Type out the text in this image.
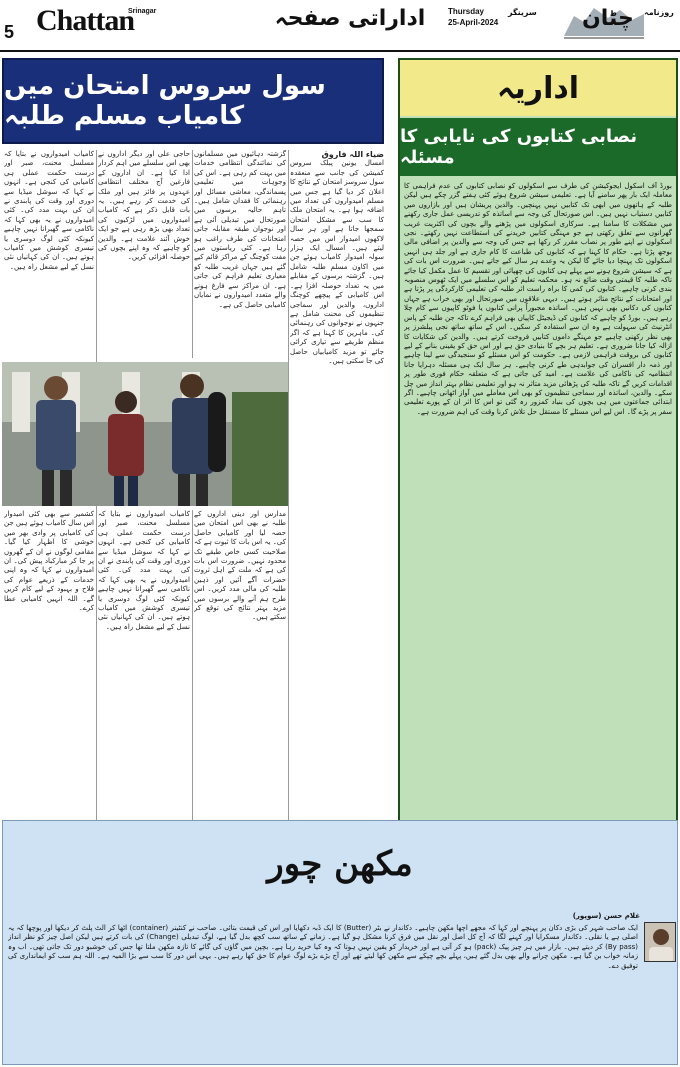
5 Chattan
Srinagar	اداراتی صفحہ	Thursday
25-April-2024
سرینگر چٹان روزنامہ
سول سروس امتحان میں کامیاب مسلم طلبہ
ضیاء اللہ فاروق
امسال یونین پبلک سروس کمیشن کی جانب سے منعقدہ سول سروسز امتحان کے نتائج کا اعلان کر دیا گیا ہے جس میں مسلم امیدواروں کی تعداد میں اضافہ ہوا ہے۔ یہ امتحان ملک کا سب سے مشکل امتحان سمجھا جاتا ہے اور ہر سال لاکھوں امیدوار اس میں حصہ لیتے ہیں۔ امسال ایک ہزار سولہ امیدوار کامیاب ہوئے جن میں اکاون مسلم طلبہ شامل ہیں۔ گزشتہ برسوں کے مقابلے میں یہ تعداد حوصلہ افزا ہے۔ اس کامیابی کے پیچھے کوچنگ اداروں، والدین اور سماجی تنظیموں کی محنت شامل ہے جنہوں نے نوجوانوں کی رہنمائی کی۔ ماہرین کا کہنا ہے کہ اگر منظم طریقے سے تیاری کرائی جائے تو مزید کامیابیاں حاصل کی جا سکتی ہیں۔
گزشتہ دہائیوں میں مسلمانوں کی نمائندگی انتظامی خدمات میں بہت کم رہی ہے۔ اس کی وجوہات میں تعلیمی پسماندگی، معاشی مسائل اور رہنمائی کا فقدان شامل ہیں۔ تاہم حالیہ برسوں میں صورتحال میں تبدیلی آئی ہے اور نوجوان طبقہ مقابلہ جاتی امتحانات کی طرف راغب ہو رہا ہے۔ کئی ریاستوں میں مفت کوچنگ کے مراکز قائم کیے گئے ہیں جہاں غریب طلبہ کو معیاری تعلیم فراہم کی جاتی ہے۔ ان مراکز سے فارغ ہونے والے متعدد امیدواروں نے نمایاں کامیابی حاصل کی ہے۔
حاجی علی اور دیگر اداروں نے بھی اس سلسلے میں اہم کردار ادا کیا ہے۔ ان اداروں کے فارغین آج مختلف انتظامی عہدوں پر فائز ہیں اور ملک کی خدمت کر رہے ہیں۔ یہ بات قابل ذکر ہے کہ کامیاب امیدواروں میں لڑکیوں کی تعداد بھی بڑھ رہی ہے جو ایک خوش آئند علامت ہے۔ والدین کو چاہیے کہ وہ اپنے بچوں کی حوصلہ افزائی کریں۔
کامیاب امیدواروں نے بتایا کہ مسلسل محنت، صبر اور درست حکمت عملی ہی کامیابی کی کنجی ہے۔ انہوں نے کہا کہ سوشل میڈیا سے دوری اور وقت کی پابندی نے ان کی بہت مدد کی۔ کئی امیدواروں نے یہ بھی کہا کہ ناکامی سے گھبرانا نہیں چاہیے کیونکہ کئی لوگ دوسری یا تیسری کوشش میں کامیاب ہوتے ہیں۔ ان کی کہانیاں نئی نسل کے لیے مشعل راہ ہیں۔
مدارس اور دینی اداروں کے طلبہ نے بھی اس امتحان میں حصہ لیا اور کامیابی حاصل کی۔ یہ اس بات کا ثبوت ہے کہ صلاحیت کسی خاص طبقے تک محدود نہیں۔ ضرورت اس بات کی ہے کہ ملت کے اہل ثروت حضرات آگے آئیں اور ذہین طلبہ کی مالی مدد کریں۔ اس طرح ہم آنے والے برسوں میں مزید بہتر نتائج کی توقع کر سکتے ہیں۔
کشمیر سے بھی کئی امیدوار اس سال کامیاب ہوئے ہیں جن کی کامیابی پر وادی بھر میں خوشی کا اظہار کیا گیا۔ مقامی لوگوں نے ان کے گھروں پر جا کر مبارکباد پیش کی۔ ان امیدواروں نے کہا کہ وہ اپنی خدمات کے ذریعے عوام کی فلاح و بہبود کے لیے کام کریں گے۔ اللہ انہیں کامیابی عطا کرے۔
کامیاب امیدواروں نے بتایا کہ مسلسل محنت، صبر اور درست حکمت عملی ہی کامیابی کی کنجی ہے۔ انہوں نے کہا کہ سوشل میڈیا سے دوری اور وقت کی پابندی نے ان کی بہت مدد کی۔ کئی امیدواروں نے یہ بھی کہا کہ ناکامی سے گھبرانا نہیں چاہیے کیونکہ کئی لوگ دوسری یا تیسری کوشش میں کامیاب ہوتے ہیں۔ ان کی کہانیاں نئی نسل کے لیے مشعل راہ ہیں۔
اداریہ
نصابی کتابوں کی نایابی کا مسئلہ
بورڈ آف اسکول ایجوکیشن کی طرف سے اسکولوں کو نصابی کتابوں کی عدم فراہمی کا معاملہ ایک بار پھر سامنے آیا ہے۔ تعلیمی سیشن شروع ہوئے کئی ہفتے گزر چکے ہیں لیکن طلبہ کے ہاتھوں میں ابھی تک کتابیں نہیں پہنچیں۔ والدین پریشان ہیں اور بازاروں میں کتابیں دستیاب نہیں ہیں۔ اس صورتحال کی وجہ سے اساتذہ کو تدریسی عمل جاری رکھنے میں مشکلات کا سامنا ہے۔ سرکاری اسکولوں میں پڑھنے والے بچوں کی اکثریت غریب گھرانوں سے تعلق رکھتی ہے جو مہنگی کتابیں خریدنے کی استطاعت نہیں رکھتے۔ نجی اسکولوں نے اپنے طور پر نصاب مقرر کر رکھا ہے جس کی وجہ سے والدین پر اضافی مالی بوجھ پڑتا ہے۔ حکام کا کہنا ہے کہ کتابوں کی طباعت کا کام جاری ہے اور جلد ہی انہیں اسکولوں تک پہنچا دیا جائے گا لیکن یہ وعدے ہر سال کیے جاتے ہیں۔ ضرورت اس بات کی ہے کہ سیشن شروع ہونے سے پہلے ہی کتابوں کی چھپائی اور تقسیم کا عمل مکمل کیا جائے تاکہ طلبہ کا قیمتی وقت ضائع نہ ہو۔ محکمہ تعلیم کو اس سلسلے میں ایک ٹھوس منصوبہ بندی کرنی چاہیے۔ کتابوں کی کمی کا براہ راست اثر طلبہ کی تعلیمی کارکردگی پر پڑتا ہے اور امتحانات کے نتائج متاثر ہوتے ہیں۔ دیہی علاقوں میں صورتحال اور بھی خراب ہے جہاں کتابوں کی دکانیں بھی نہیں ہیں۔ اساتذہ مجبوراً پرانی کتابوں یا فوٹو کاپیوں سے کام چلا رہے ہیں۔ بورڈ کو چاہیے کہ کتابوں کی ڈیجیٹل کاپیاں بھی فراہم کرے تاکہ جن طلبہ کے پاس انٹرنیٹ کی سہولت ہے وہ ان سے استفادہ کر سکیں۔ اس کے ساتھ ساتھ نجی پبلشرز پر بھی نظر رکھنی چاہیے جو مہنگے داموں کتابیں فروخت کرتے ہیں۔ والدین کی شکایات کا ازالہ کیا جانا ضروری ہے۔ تعلیم ہر بچے کا بنیادی حق ہے اور اس حق کو یقینی بنانے کے لیے کتابوں کی بروقت فراہمی لازمی ہے۔ حکومت کو اس مسئلے کو سنجیدگی سے لینا چاہیے اور ذمہ دار افسران کی جوابدہی طے کرنی چاہیے۔ ہر سال ایک ہی مسئلہ دہرایا جانا انتظامیہ کی ناکامی کی علامت ہے۔ امید کی جاتی ہے کہ متعلقہ حکام فوری طور پر اقدامات کریں گے تاکہ طلبہ کی پڑھائی مزید متاثر نہ ہو اور تعلیمی نظام بہتر انداز میں چل سکے۔ والدین، اساتذہ اور سماجی تنظیموں کو بھی اس معاملے میں آواز اٹھانی چاہیے۔ اگر ابتدائی جماعتوں میں ہی بچوں کی بنیاد کمزور رہ گئی تو اس کا اثر ان کے پورے تعلیمی سفر پر پڑے گا۔ اس لیے اس مسئلے کا مستقل حل تلاش کرنا وقت کی اہم ضرورت ہے۔
مکھن چور
غلام حسن (سوپور)
ایک صاحب شہر کی بڑی دکان پر پہنچے اور کہا کہ مجھے اچھا مکھن چاہیے۔ دکاندار نے بٹر (Butter) کا ایک ڈبہ دکھایا اور اس کی قیمت بتائی۔ صاحب نے کنٹینر (container) اٹھا کر الٹ پلٹ کر دیکھا اور پوچھا کہ یہ اصلی ہے یا نقلی۔ دکاندار مسکرایا اور کہنے لگا کہ آج کل اصل اور نقل میں فرق کرنا مشکل ہو گیا ہے۔ زمانے کے ساتھ سب کچھ بدل گیا ہے، لوگ تبدیلی (Change) کی بات کرتے ہیں لیکن اصل چیز کو نظر انداز (By pass) کر دیتے ہیں۔ بازار میں ہر چیز پیک (pack) ہو کر آتی ہے اور خریدار کو یقین نہیں ہوتا کہ وہ کیا خرید رہا ہے۔ بچپن میں گاؤں کی گائے کا تازہ مکھن ملتا تھا جس کی خوشبو دور تک جاتی تھی۔ اب وہ زمانہ خواب بن گیا ہے۔ مکھن چرانے والے بھی بدل گئے ہیں، پہلے بچے چپکے سے مکھن کھا لیتے تھے اور آج بڑے بڑے لوگ عوام کا حق کھا رہے ہیں۔ یہی اس دور کا سب سے بڑا المیہ ہے۔ اللہ ہم سب کو ایمانداری کی توفیق دے۔
